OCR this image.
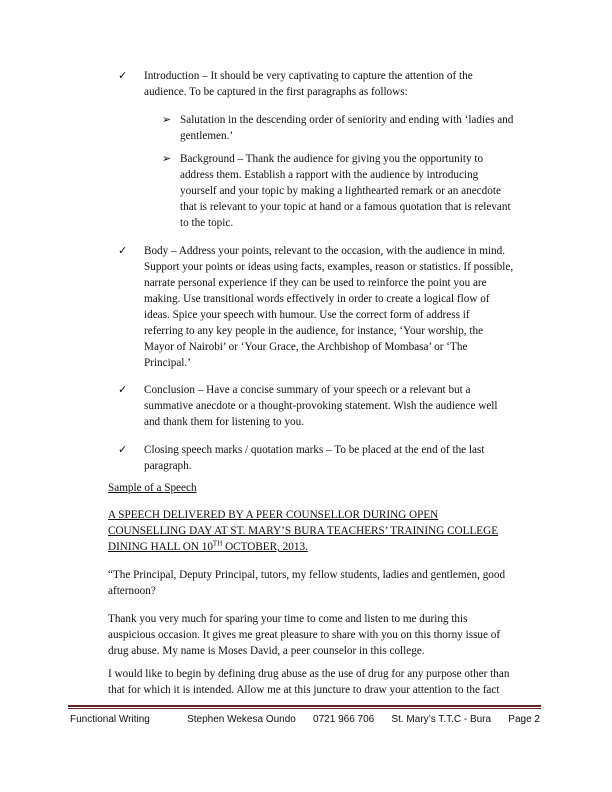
✓ Introduction – It should be very captivating to capture the attention of the
audience. To be captured in the first paragraphs as follows:
➢ Salutation in the descending order of seniority and ending with ‘ladies and
gentlemen.’
➢ Background – Thank the audience for giving you the opportunity to
address them. Establish a rapport with the audience by introducing
yourself and your topic by making a lighthearted remark or an anecdote
that is relevant to your topic at hand or a famous quotation that is relevant
to the topic.
✓ Body – Address your points, relevant to the occasion, with the audience in mind.
Support your points or ideas using facts, examples, reason or statistics. If possible,
narrate personal experience if they can be used to reinforce the point you are
making. Use transitional words effectively in order to create a logical flow of
ideas. Spice your speech with humour. Use the correct form of address if
referring to any key people in the audience, for instance, ‘Your worship, the
Mayor of Nairobi’ or ‘Your Grace, the Archbishop of Mombasa’ or ‘The
Principal.’
✓ Conclusion – Have a concise summary of your speech or a relevant but a
summative anecdote or a thought-provoking statement. Wish the audience well
and thank them for listening to you.
✓ Closing speech marks / quotation marks – To be placed at the end of the last
paragraph.
Sample of a Speech
A SPEECH DELIVERED BY A PEER COUNSELLOR DURING OPEN
COUNSELLING DAY AT ST. MARY’S BURA TEACHERS’ TRAINING COLLEGE
DINING HALL ON 10TH OCTOBER, 2013.
“The Principal, Deputy Principal, tutors, my fellow students, ladies and gentlemen, good
afternoon?
Thank you very much for sparing your time to come and listen to me during this
auspicious occasion. It gives me great pleasure to share with you on this thorny issue of
drug abuse. My name is Moses David, a peer counselor in this college.
I would like to begin by defining drug abuse as the use of drug for any purpose other than
that for which it is intended. Allow me at this juncture to draw your attention to the fact
Functional Writing	Stephen Wekesa Oundo 0721 966 706 St. Mary’s T.T.C - Bura Page 2
